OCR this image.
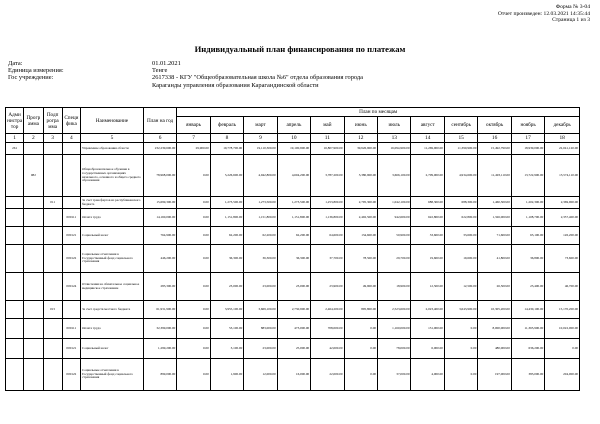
Форма № 3-04
Отчет произведен: 12.03.2021 14:35:44
Страница 1 из 3
Индивидуальный план финансирования по платежам
Дата:	01.01.2021
Единица измерения:	Тенге
Гос учреждение:	2617338 - КГУ "Общеобразовательная школа №6" отдела образования города
Караганды управления образования Карагандинской области
Адми нистра тор	Прогр амма	Подп рогра мма	Специ фика	Наименование	План на год	План по месяцам											
						январь	февраль	март	апрель	май	июнь	июль	август	сентябрь	октябрь	ноябрь	декабрь
1	2	3	4	5	6	7	8	9	10	11	12	13	14	15	16	17	18
261				Управление образования области	232,239,600.00	29,900.00	19,778,700.00	19,110,300.00	19,100,900.00	16,807,900.00	39,926,900.00	16,094,900.00	11,269,900.00	11,390,900.00	15,492,790.00	18,939,000.00	22,041,120.00
	082			Общеобразовательное обучение в государственных организациях начального, основного и общего среднего образования	78,968,000.00	0.00	5,226,600.00	4,942,800.00	4,604,200.00	3,787,200.00	3,380,900.00	3,666,100.00	2,709,000.00	4,934,600.00	11,493,110.00	13,722,900.00	13,574,110.00
		011		За счет трансфертов из республиканского бюджета	15,699,300.00	0.00	1,273,500.00	1,273,500.00	1,273,500.00	1,253,800.00	2,795,300.00	1,042,100.00	688,300.00	688,300.00	1,460,300.00	1,202,300.00	2,369,900.00
			000111	Оплата труда	14,160,000.00	0.00	1,151,800.00	1,151,800.00	1,151,800.00	1,136,800.00	2,492,500.00	942,600.00	622,800.00	622,800.00	1,326,000.00	1,108,700.00	2,357,400.00
			000121	Социальный налог	764,900.00	0.00	62,200.00	62,200.00	62,200.00	64,600.00	134,600.00	50,900.00	33,600.00	33,600.00	71,600.00	63,100.00	126,200.00
			000122	Социальные отчисления в Государственный фонд социального страхования	446,200.00	0.00	36,300.00	36,300.00	36,300.00	37,700.00	78,500.00	29,700.00	19,600.00	19,600.00	41,800.00	36,800.00	73,600.00
			000124	Отчисления на обязательное социальное медицинское страхование	283,300.00	0.00	23,000.00	23,000.00	23,000.00	23,900.00	49,900.00	18,900.00	12,500.00	12,500.00	26,500.00	23,400.00	46,700.00
		015		За счет средств местного бюджета	61,931,900.00	0.00	3,955,100.00	3,669,100.00	2,730,900.00	2,464,200.00	895,800.00	2,523,600.00	2,023,400.00	3,643,900.00	10,305,200.00	14,430,100.00	15,170,200.00
			000111	Оплата труда	32,399,000.00	0.00	53,100.00	883,000.00	473,000.00	708,000.00	0.00	1,160,000.00	131,000.00	0.00	8,000,000.00	11,365,900.00	10,022,000.00
			000121	Социальный налог	1,299,200.00	0.00	3,100.00	23,000.00	25,000.00	42,000.00	0.00	78,000.00	6,000.00	0.00	480,000.00	636,200.00	0.00
			000122	Социальные отчисления в Государственный фонд социального страхования	899,000.00	0.00	1,900.00	12,000.00	16,000.00	22,000.00	0.00	37,000.00	4,000.00	0.00	197,000.00	383,000.00	204,000.00
